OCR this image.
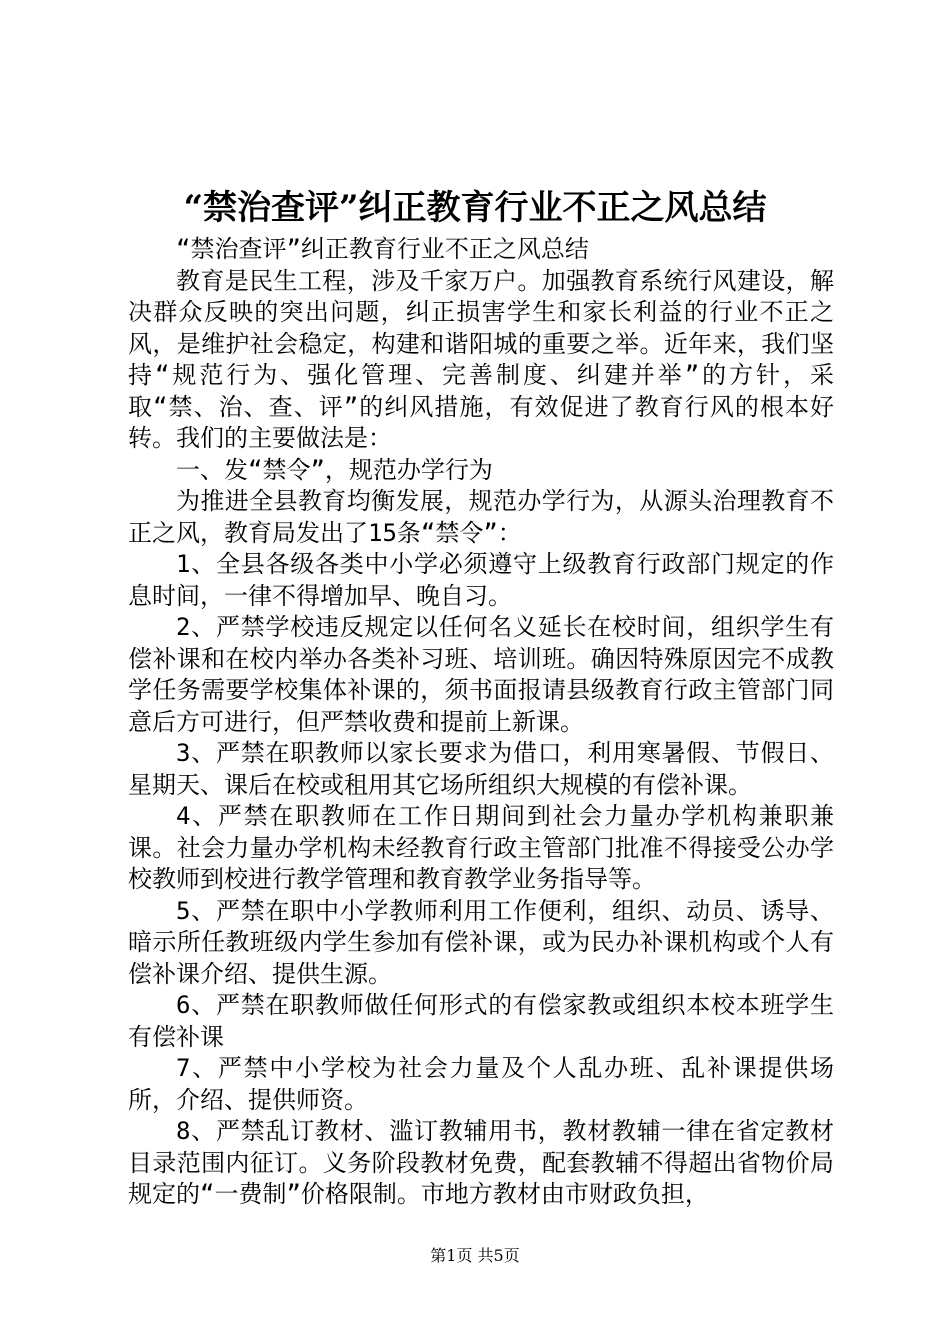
“禁治查评”纠正教育行业不正之风总结

“禁治查评”纠正教育行业不正之风总结

教育是民生工程，涉及千家万户。加强教育系统行风建设，解决群众反映的突出问题，纠正损害学生和家长利益的行业不正之风，是维护社会稳定，构建和谐阳城的重要之举。近年来，我们坚持“规范行为、强化管理、完善制度、纠建并举”的方针，采取“禁、治、查、评”的纠风措施，有效促进了教育行风的根本好转。我们的主要做法是：

一、发“禁令”，规范办学行为

为推进全县教育均衡发展，规范办学行为，从源头治理教育不正之风，教育局发出了15条“禁令”：

1、全县各级各类中小学必须遵守上级教育行政部门规定的作息时间，一律不得增加早、晚自习。

2、严禁学校违反规定以任何名义延长在校时间，组织学生有偿补课和在校内举办各类补习班、培训班。确因特殊原因完不成教学任务需要学校集体补课的，须书面报请县级教育行政主管部门同意后方可进行，但严禁收费和提前上新课。

3、严禁在职教师以家长要求为借口，利用寒暑假、节假日、星期天、课后在校或租用其它场所组织大规模的有偿补课。

4、严禁在职教师在工作日期间到社会力量办学机构兼职兼课。社会力量办学机构未经教育行政主管部门批准不得接受公办学校教师到校进行教学管理和教育教学业务指导等。

5、严禁在职中小学教师利用工作便利，组织、动员、诱导、暗示所任教班级内学生参加有偿补课，或为民办补课机构或个人有偿补课介绍、提供生源。

6、严禁在职教师做任何形式的有偿家教或组织本校本班学生有偿补课

7、严禁中小学校为社会力量及个人乱办班、乱补课提供场所，介绍、提供师资。

8、严禁乱订教材、滥订教辅用书，教材教辅一律在省定教材目录范围内征订。义务阶段教材免费，配套教辅不得超出省物价局规定的“一费制”价格限制。市地方教材由市财政负担，

第1页 共5页
